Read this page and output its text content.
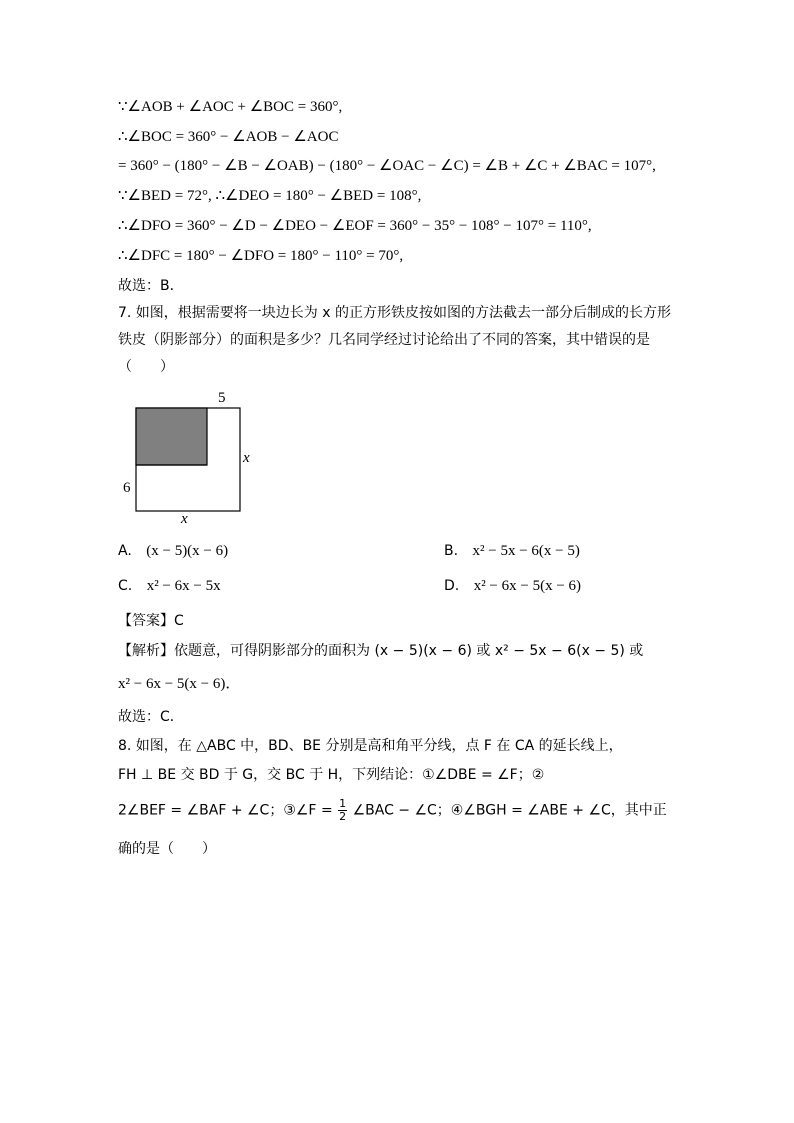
∵∠AOB + ∠AOC + ∠BOC = 360°,
∴∠BOC = 360° − ∠AOB − ∠AOC
= 360° − (180° − ∠B − ∠OAB) − (180° − ∠OAC − ∠C) = ∠B + ∠C + ∠BAC = 107°,
∵∠BED = 72°, ∴∠DEO = 180° − ∠BED = 108°,
∴∠DFO = 360° − ∠D − ∠DEO − ∠EOF = 360° − 35° − 108° − 107° = 110°,
∴∠DFC = 180° − ∠DFO = 180° − 110° = 70°,
故选：B．
7. 如图，根据需要将一块边长为 x 的正方形铁皮按如图的方法截去一部分后制成的长方形
铁皮（阴影部分）的面积是多少？几名同学经过讨论给出了不同的答案，其中错误的是
（　　）
5
x
6
x
A. (x − 5)(x − 6)	B. x² − 5x − 6(x − 5)
C. x² − 6x − 5x	D. x² − 6x − 5(x − 6)
【答案】C
【解析】依题意，可得阴影部分的面积为 (x − 5)(x − 6) 或 x² − 5x − 6(x − 5) 或
x² − 6x − 5(x − 6)．
故选：C．
8. 如图，在 △ABC 中，BD、BE 分别是高和角平分线，点 F 在 CA 的延长线上，
FH ⊥ BE 交 BD 于 G，交 BC 于 H，下列结论：①∠DBE = ∠F；②
2∠BEF = ∠BAF + ∠C；③∠F = $\frac{1}{2}$ ∠BAC − ∠C；④∠BGH = ∠ABE + ∠C，其中正
确的是（　　）
